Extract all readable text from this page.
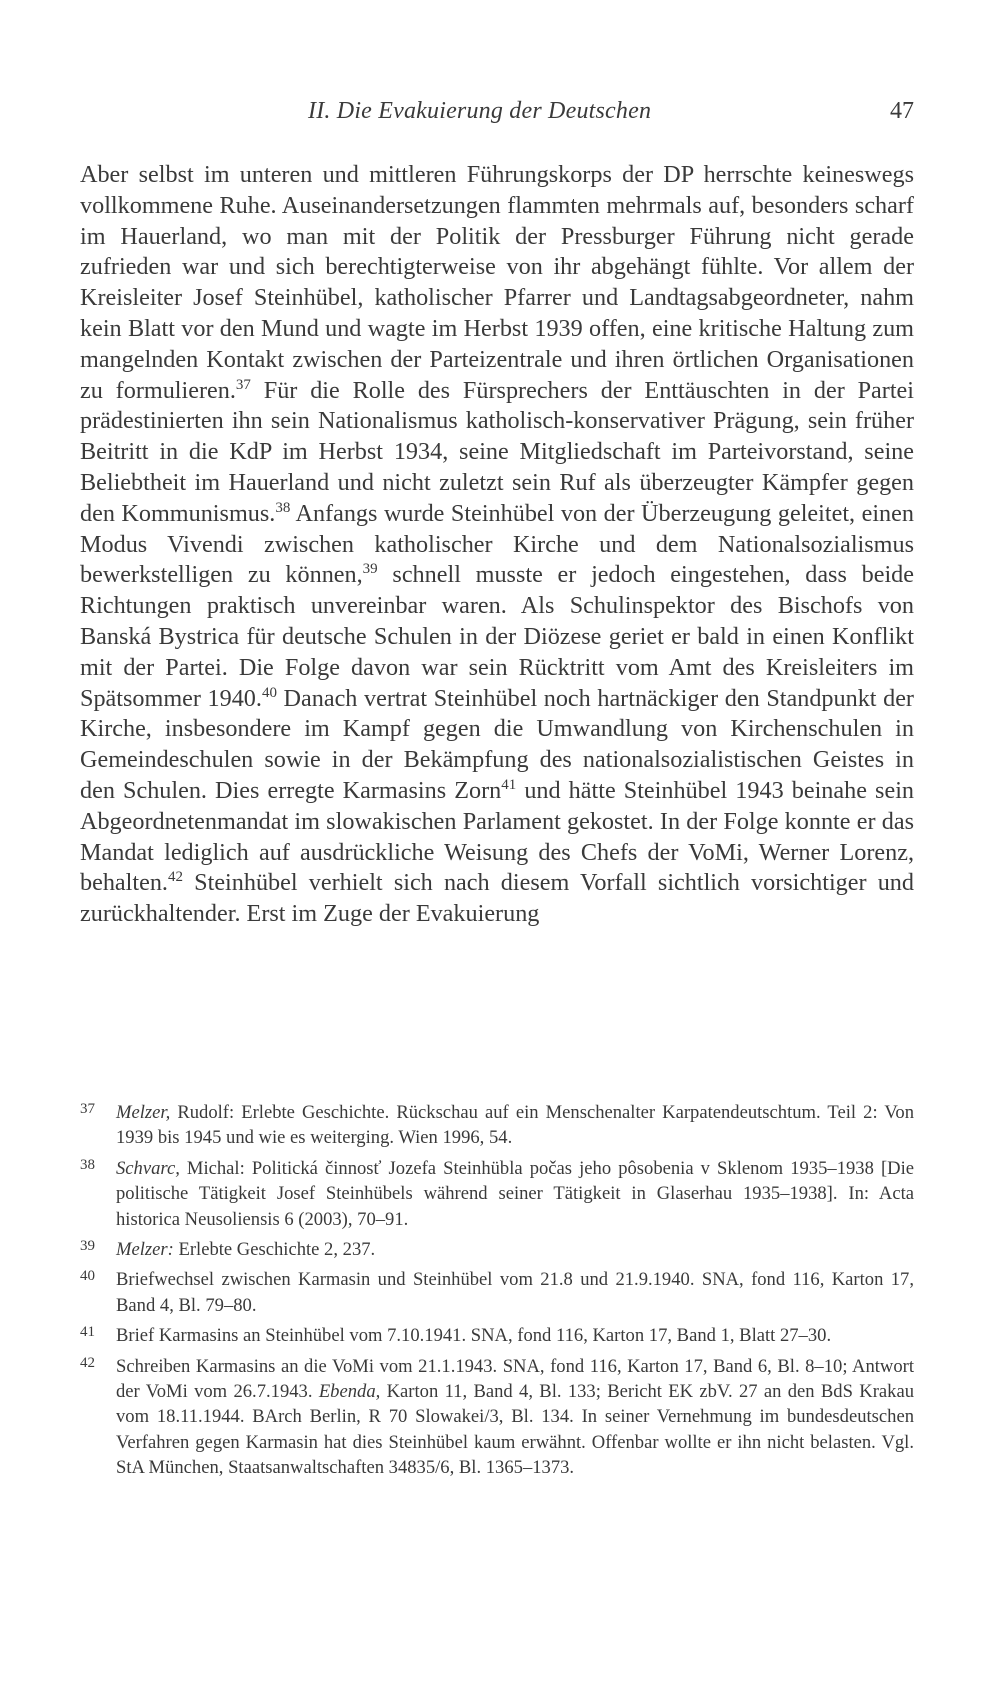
II. Die Evakuierung der Deutschen	47

Aber selbst im unteren und mittleren Führungskorps der DP herrschte keineswegs vollkommene Ruhe. Auseinandersetzungen flammten mehrmals auf, besonders scharf im Hauerland, wo man mit der Politik der Pressburger Führung nicht gerade zufrieden war und sich berechtigterweise von ihr abgehängt fühlte. Vor allem der Kreisleiter Josef Steinhübel, katholischer Pfarrer und Landtagsabgeordneter, nahm kein Blatt vor den Mund und wagte im Herbst 1939 offen, eine kritische Haltung zum mangelnden Kontakt zwischen der Parteizentrale und ihren örtlichen Organisationen zu formulieren.$^{37}$ Für die Rolle des Fürsprechers der Enttäuschten in der Partei prädestinierten ihn sein Nationalismus katholisch-konservativer Prägung, sein früher Beitritt in die KdP im Herbst 1934, seine Mitgliedschaft im Parteivorstand, seine Beliebtheit im Hauerland und nicht zuletzt sein Ruf als überzeugter Kämpfer gegen den Kommunismus.$^{38}$ Anfangs wurde Steinhübel von der Überzeugung geleitet, einen Modus Vivendi zwischen katholischer Kirche und dem Nationalsozialismus bewerkstelligen zu können,$^{39}$ schnell musste er jedoch eingestehen, dass beide Richtungen praktisch unvereinbar waren. Als Schulinspektor des Bischofs von Banská Bystrica für deutsche Schulen in der Diözese geriet er bald in einen Konflikt mit der Partei. Die Folge davon war sein Rücktritt vom Amt des Kreisleiters im Spätsommer 1940.40 Danach vertrat Steinhübel noch hartnäckiger den Standpunkt der Kirche, insbesondere im Kampf gegen die Umwandlung von Kirchenschulen in Gemeindeschulen sowie in der Bekämpfung des nationalsozialistischen Geistes in den Schulen. Dies erregte Karmasins Zorn$^{41}$ und hätte Steinhübel 1943 beinahe sein Abgeordnetenmandat im slowakischen Parlament gekostet. In der Folge konnte er das Mandat lediglich auf ausdrückliche Weisung des Chefs der VoMi, Werner Lorenz, behalten.$^{42}$ Steinhübel verhielt sich nach diesem Vorfall sichtlich vorsichtiger und zurückhaltender. Erst im Zuge der Evakuierung

37 Melzer, Rudolf: Erlebte Geschichte. Rückschau auf ein Menschenalter Karpatendeutschtum. Teil 2: Von 1939 bis 1945 und wie es weiterging. Wien 1996, 54.

38 Schvarc, Michal: Politická činnosť Jozefa Steinhübla počas jeho pôsobenia v Sklenom 1935–1938 [Die politische Tätigkeit Josef Steinhübels während seiner Tätigkeit in Glaserhau 1935–1938]. In: Acta historica Neusoliensis 6 (2003), 70–91.

39 Melzer: Erlebte Geschichte 2, 237.

40 Briefwechsel zwischen Karmasin und Steinhübel vom 21.8 und 21.9.1940. SNA, fond 116, Karton 17, Band 4, Bl. 79–80.

41 Brief Karmasins an Steinhübel vom 7.10.1941. SNA, fond 116, Karton 17, Band 1, Blatt 27–30.

42 Schreiben Karmasins an die VoMi vom 21.1.1943. SNA, fond 116, Karton 17, Band 6, Bl. 8–10; Antwort der VoMi vom 26.7.1943. Ebenda, Karton 11, Band 4, Bl. 133; Bericht EK zbV. 27 an den BdS Krakau vom 18.11.1944. BArch Berlin, R 70 Slowakei/3, Bl. 134. In seiner Vernehmung im bundesdeutschen Verfahren gegen Karmasin hat dies Steinhübel kaum erwähnt. Offenbar wollte er ihn nicht belasten. Vgl. StA München, Staatsanwaltschaften 34835/6, Bl. 1365–1373.
